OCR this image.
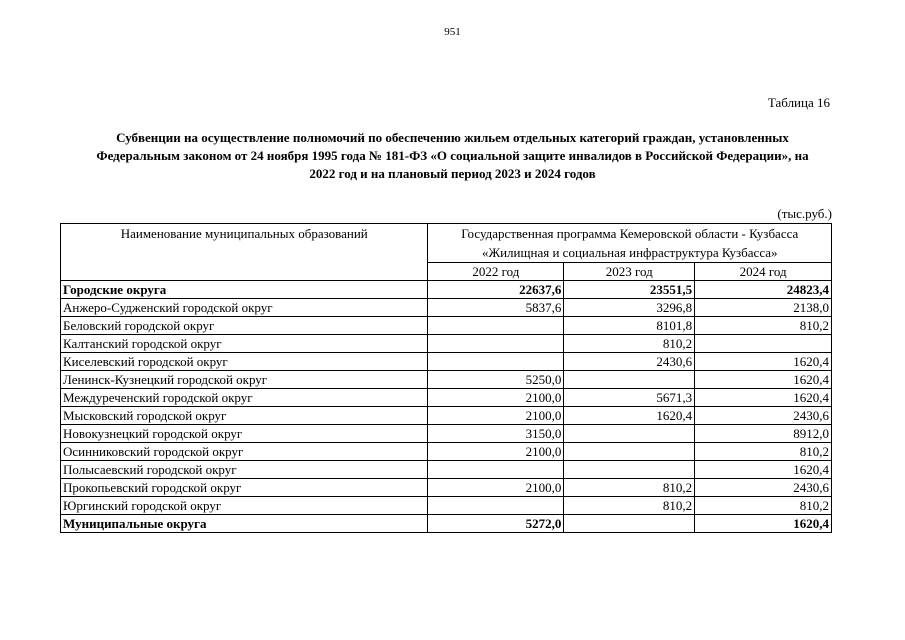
951
Таблица 16
Субвенции на осуществление полномочий по обеспечению жильем отдельных категорий граждан, установленных
Федеральным законом от 24 ноября 1995 года № 181-ФЗ «О социальной защите инвалидов в Российской Федерации», на
2022 год и на плановый период 2023 и 2024 годов
(тыс.руб.)
Наименование муниципальных образований	Государственная программа Кемеровской области - Кузбасса
«Жилищная и социальная инфраструктура Кузбасса»		

	2022 год	2023 год	2024 год
Городские округа	22637,6	23551,5	24823,4
Анжеро-Судженский городской округ	5837,6	3296,8	2138,0
Беловский городской округ		8101,8	810,2
Калтанский городской округ		810,2	
Киселевский городской округ		2430,6	1620,4
Ленинск-Кузнецкий городской округ	5250,0		1620,4
Междуреченский городской округ	2100,0	5671,3	1620,4
Мысковский городской округ	2100,0	1620,4	2430,6
Новокузнецкий городской округ	3150,0		8912,0
Осинниковский городской округ	2100,0		810,2
Полысаевский городской округ			1620,4
Прокопьевский городской округ	2100,0	810,2	2430,6
Юргинский городской округ		810,2	810,2
Муниципальные округа	5272,0		1620,4
